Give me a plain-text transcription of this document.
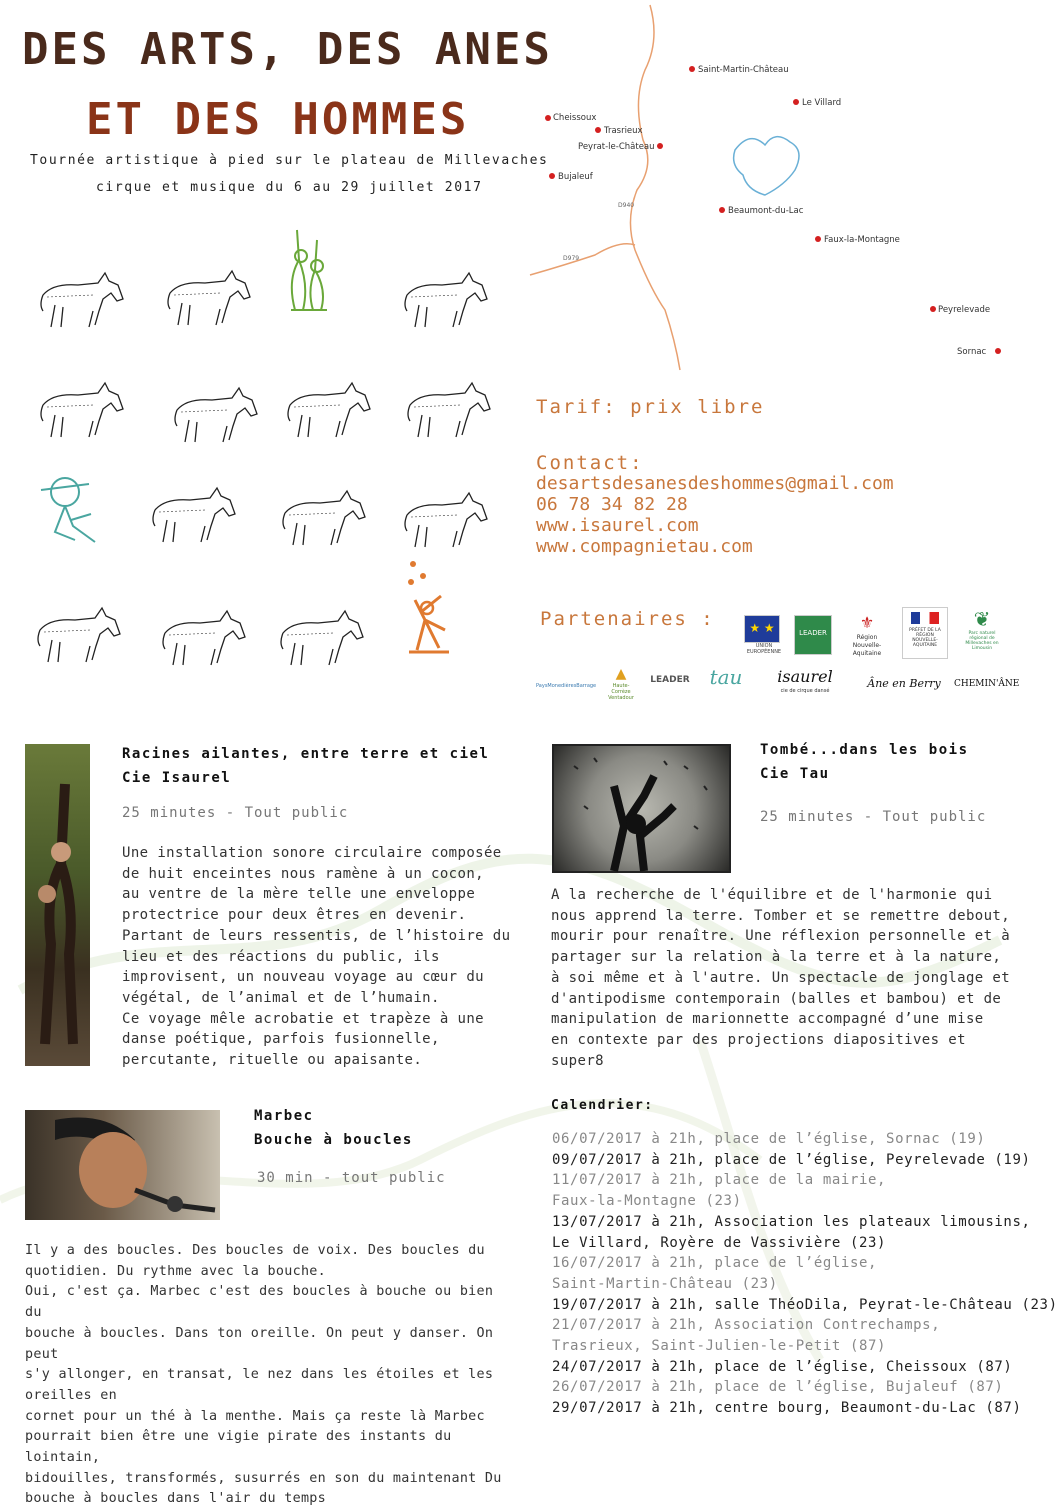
DES ARTS, DES ANES
ET DES HOMMES
Tournée artistique à pied sur le plateau de Millevaches
cirque et musique du 6 au 29 juillet 2017
D940
D979
Saint-Martin-Château
Le Villard
Cheissoux
Trasrieux
Peyrat-le-Château
Bujaleuf
Beaumont-du-Lac
Faux-la-Montagne
Peyrelevade
Sornac
Tarif: prix libre
Contact:
desartsdesanesdeshommes@gmail.com
06 78 34 82 28
www.isaurel.com
www.compagnietau.com
Partenaires :	★ ★
UNION EUROPÉENNE
LEADER
⚜
Région Nouvelle-Aquitaine
PRÉFET DE LA RÉGION NOUVELLE-AQUITAINE
❦
Parc naturel régional de Millevaches en Limousin
PaysMonedièresBarrage
▲
Haute-Corrèze Ventadour
LEADER tau	isaurel
cie de cirque dansé
Âne en Berry	CHEMIN'ÂNE
Racines ailantes, entre terre et ciel
Cie Isaurel
25 minutes - Tout public
Une installation sonore circulaire composée
de huit enceintes nous ramène à un cocon,
au ventre de la mère telle une enveloppe
protectrice pour deux êtres en devenir.
Partant de leurs ressentis, de l’histoire du
lieu et des réactions du public, ils
improvisent, un nouveau voyage au cœur du
végétal, de l’animal et de l’humain.
Ce voyage mêle acrobatie et trapèze à une
danse poétique, parfois fusionnelle,
percutante, rituelle ou apaisante.
Tombé...dans les bois
Cie Tau
25 minutes - Tout public
A la recherche de l'équilibre et de l'harmonie qui
nous apprend la terre. Tomber et se remettre debout,
mourir pour renaître. Une réflexion personnelle et à
partager sur la relation à la terre et à la nature,
à soi même et à l'autre. Un spectacle de jonglage et
d'antipodisme contemporain (balles et bambou) et de
manipulation de marionnette accompagné d’une mise
en contexte par des projections diapositives et super8
Marbec
Bouche à boucles
30 min - tout public
Il y a des boucles. Des boucles de voix. Des boucles du
quotidien. Du rythme avec la bouche.
Oui, c'est ça. Marbec c'est des boucles à bouche ou bien du
bouche à boucles. Dans ton oreille. On peut y danser. On peut
s'y allonger, en transat, le nez dans les étoiles et les oreilles en
cornet pour un thé à la menthe. Mais ça reste là Marbec
pourrait bien être une vigie pirate des instants du lointain,
bidouilles, transformés, susurrés en son du maintenant Du
bouche à boucles dans l'air du temps
Calendrier:
06/07/2017 à 21h, place de l’église, Sornac (19)
09/07/2017 à 21h, place de l’église, Peyrelevade (19)
11/07/2017 à 21h, place de la mairie,
Faux-la-Montagne (23)
13/07/2017 à 21h, Association les plateaux limousins,
Le Villard, Royère de Vassivière (23)
16/07/2017 à 21h, place de l’église,
Saint-Martin-Château (23)
19/07/2017 à 21h, salle ThéoDila, Peyrat-le-Château (23)
21/07/2017 à 21h, Association Contrechamps,
Trasrieux, Saint-Julien-le-Petit (87)
24/07/2017 à 21h, place de l’église, Cheissoux (87)
26/07/2017 à 21h, place de l’église, Bujaleuf (87)
29/07/2017 à 21h, centre bourg, Beaumont-du-Lac (87)
